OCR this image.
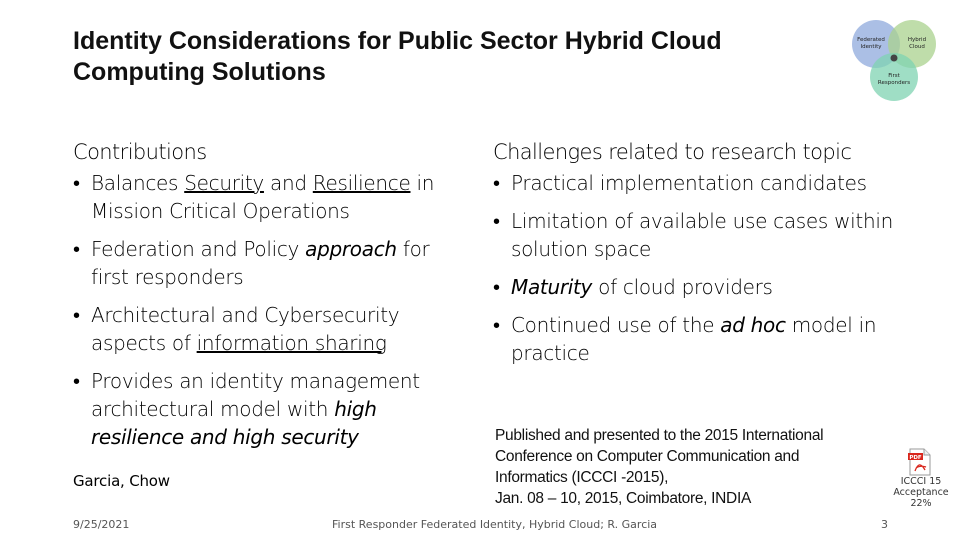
Identity Considerations for Public Sector Hybrid Cloud Computing Solutions
Federated
Identity
Hybrid
Cloud
First
Responders
Contributions
• Balances Security and Resilience in Mission Critical Operations
• Federation and Policy approach for first responders
• Architectural and Cybersecurity aspects of information sharing
• Provides an identity management architectural model with high resilience and high security
Challenges related to research topic
• Practical implementation candidates
• Limitation of available use cases within solution space
• Maturity of cloud providers
• Continued use of the ad hoc model in practice
Garcia, Chow
Published and presented to the 2015 International
Conference on Computer Communication and
Informatics (ICCCI -2015),
Jan. 08 – 10, 2015, Coimbatore, INDIA
PDF
ICCCI 15
Acceptance 22%
9/25/2021	First Responder Federated Identity, Hybrid Cloud; R. Garcia	3
